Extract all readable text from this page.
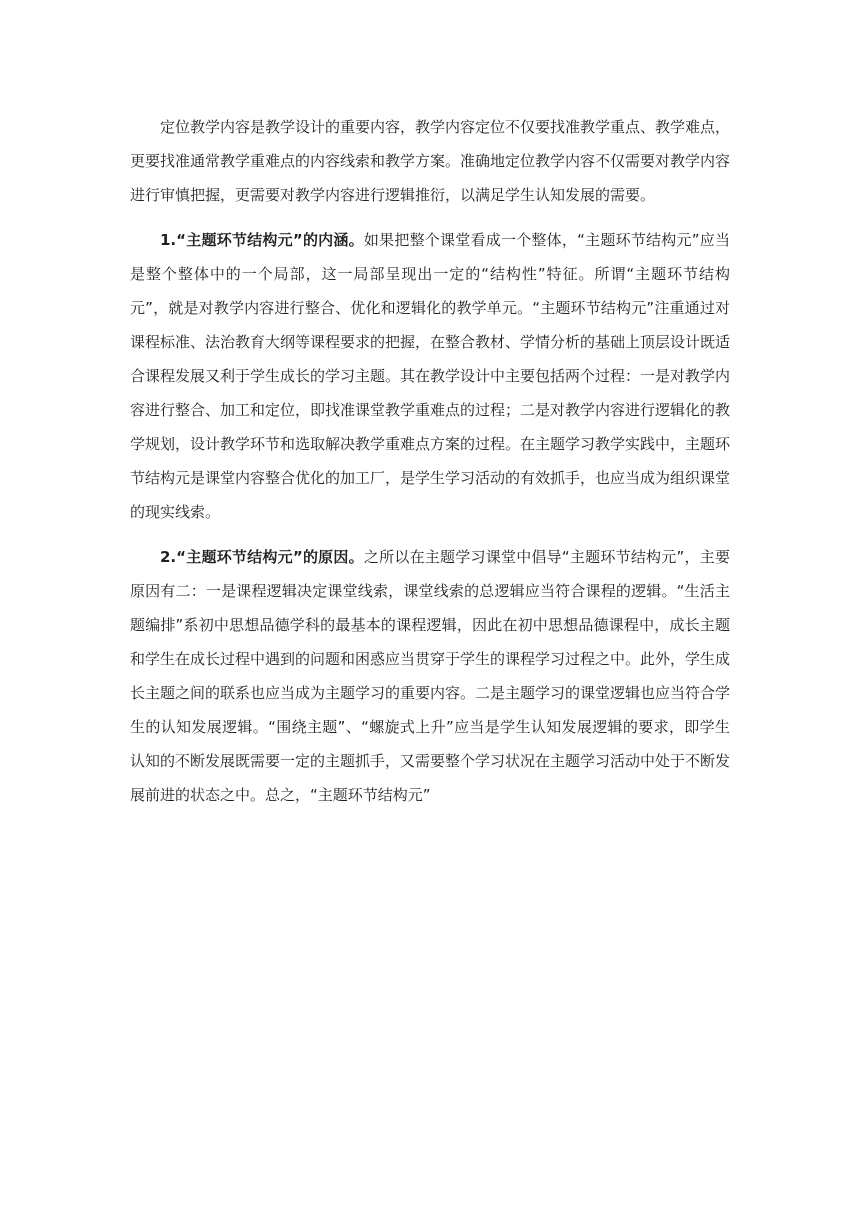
定位教学内容是教学设计的重要内容，教学内容定位不仅要找准教学重点、教学难点，更要找准通常教学重难点的内容线索和教学方案。准确地定位教学内容不仅需要对教学内容进行审慎把握，更需要对教学内容进行逻辑推衍，以满足学生认知发展的需要。

1.“主题环节结构元”的内涵。如果把整个课堂看成一个整体，“主题环节结构元”应当是整个整体中的一个局部，这一局部呈现出一定的“结构性”特征。所谓“主题环节结构元”，就是对教学内容进行整合、优化和逻辑化的教学单元。“主题环节结构元”注重通过对课程标准、法治教育大纲等课程要求的把握，在整合教材、学情分析的基础上顶层设计既适合课程发展又利于学生成长的学习主题。其在教学设计中主要包括两个过程：一是对教学内容进行整合、加工和定位，即找准课堂教学重难点的过程；二是对教学内容进行逻辑化的教学规划，设计教学环节和选取解决教学重难点方案的过程。在主题学习教学实践中，主题环节结构元是课堂内容整合优化的加工厂，是学生学习活动的有效抓手，也应当成为组织课堂的现实线索。

2.“主题环节结构元”的原因。之所以在主题学习课堂中倡导“主题环节结构元”，主要原因有二：一是课程逻辑决定课堂线索，课堂线索的总逻辑应当符合课程的逻辑。“生活主题编排”系初中思想品德学科的最基本的课程逻辑，因此在初中思想品德课程中，成长主题和学生在成长过程中遇到的问题和困惑应当贯穿于学生的课程学习过程之中。此外，学生成长主题之间的联系也应当成为主题学习的重要内容。二是主题学习的课堂逻辑也应当符合学生的认知发展逻辑。“围绕主题”、“螺旋式上升”应当是学生认知发展逻辑的要求，即学生认知的不断发展既需要一定的主题抓手，又需要整个学习状况在主题学习活动中处于不断发展前进的状态之中。总之，“主题环节结构元”
